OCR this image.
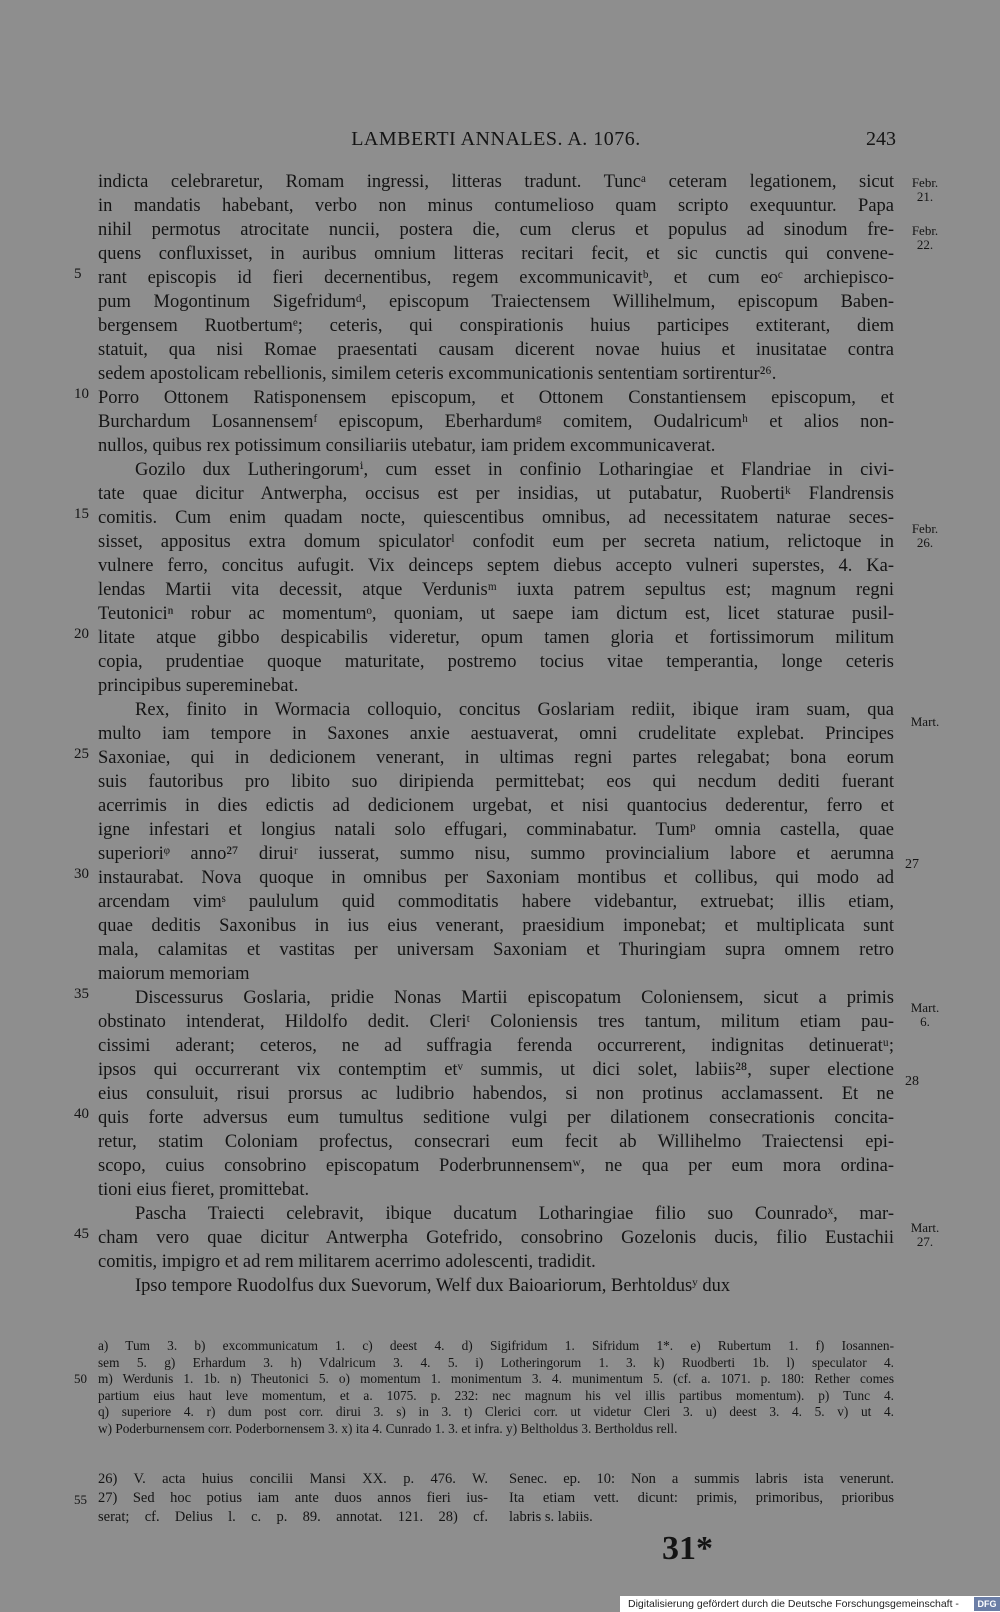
LAMBERTI ANNALES. A. 1076.	243
indicta celebraretur, Romam ingressi, litteras tradunt. Tuncᵃ ceteram legationem, sicut
in mandatis habebant, verbo non minus contumelioso quam scripto exequuntur. Papa
nihil permotus atrocitate nuncii, postera die, cum clerus et populus ad sinodum fre-
quens confluxisset, in auribus omnium litteras recitari fecit, et sic cunctis qui convene-
rant episcopis id fieri decernentibus, regem excommunicavitᵇ, et cum eoᶜ archiepisco-
pum Mogontinum Sigefridumᵈ, episcopum Traiectensem Willihelmum, episcopum Baben-
bergensem Ruotbertumᵉ; ceteris, qui conspirationis huius participes extiterant, diem
statuit, qua nisi Romae praesentati causam dicerent novae huius et inusitatae contra
sedem apostolicam rebellionis, similem ceteris excommunicationis sententiam sortirentur²⁶.
Porro Ottonem Ratisponensem episcopum, et Ottonem Constantiensem episcopum, et
Burchardum Losannensemᶠ episcopum, Eberhardumᵍ comitem, Oudalricumʰ et alios non-
nullos, quibus rex potissimum consiliariis utebatur, iam pridem excommunicaverat.
  Gozilo dux Lutheringorumⁱ, cum esset in confinio Lotharingiae et Flandriae in civi-
tate quae dicitur Antwerpha, occisus est per insidias, ut putabatur, Ruobertiᵏ Flandrensis
comitis. Cum enim quadam nocte, quiescentibus omnibus, ad necessitatem naturae seces-
sisset, appositus extra domum spiculatorˡ confodit eum per secreta natium, relictoque in
vulnere ferro, concitus aufugit. Vix deinceps septem diebus accepto vulneri superstes, 4. Ka-
lendas Martii vita decessit, atque Verdunisᵐ iuxta patrem sepultus est; magnum regni
Teutoniciⁿ robur ac momentumᵒ, quoniam, ut saepe iam dictum est, licet staturae pusil-
litate atque gibbo despicabilis videretur, opum tamen gloria et fortissimorum militum
copia, prudentiae quoque maturitate, postremo tocius vitae temperantia, longe ceteris
principibus supereminebat.
  Rex, finito in Wormacia colloquio, concitus Goslariam rediit, ibique iram suam, qua
multo iam tempore in Saxones anxie aestuaverat, omni crudelitate explebat. Principes
Saxoniae, qui in dedicionem venerant, in ultimas regni partes relegabat; bona eorum
suis fautoribus pro libito suo diripienda permittebat; eos qui necdum dediti fuerant
acerrimis in dies edictis ad dedicionem urgebat, et nisi quantocius dederentur, ferro et
igne infestari et longius natali solo effugari, comminabatur. Tumᵖ omnia castella, quae
superioriᵠ anno²⁷ diruiʳ iusserat, summo nisu, summo provincialium labore et aerumna
instaurabat. Nova quoque in omnibus per Saxoniam montibus et collibus, qui modo ad
arcendam vimˢ paululum quid commoditatis habere videbantur, extruebat; illis etiam,
quae deditis Saxonibus in ius eius venerant, praesidium imponebat; et multiplicata sunt
mala, calamitas et vastitas per universam Saxoniam et Thuringiam supra omnem retro
maiorum memoriam
  Discessurus Goslaria, pridie Nonas Martii episcopatum Coloniensem, sicut a primis
obstinato intenderat, Hildolfo dedit. Cleriᵗ Coloniensis tres tantum, militum etiam pau-
cissimi aderant; ceteros, ne ad suffragia ferenda occurrerent, indignitas detinueratᵘ;
ipsos qui occurrerant vix contemptim etᵛ summis, ut dici solet, labiis²⁸, super electione
eius consuluit, risui prorsus ac ludibrio habendos, si non protinus acclamassent. Et ne
quis forte adversus eum tumultus seditione vulgi per dilationem consecrationis concita-
retur, statim Coloniam profectus, consecrari eum fecit ab Willihelmo Traiectensi epi-
scopo, cuius consobrino episcopatum Poderbrunnensemʷ, ne qua per eum mora ordina-
tioni eius fieret, promittebat.
  Pascha Traiecti celebravit, ibique ducatum Lotharingiae filio suo Counradoˣ, mar-
cham vero quae dicitur Antwerpha Gotefrido, consobrino Gozelonis ducis, filio Eustachii
comitis, impigro et ad rem militarem acerrimo adolescenti, tradidit.
  Ipso tempore Ruodolfus dux Suevorum, Welf dux Baioariorum, Berhtoldusʸ dux
5
10
15
20
25
30
35
40
45
50
55
Febr. 21.
Febr. 22.
Febr. 26.
Mart.
27
Mart. 6.
28
Mart. 27.
a) Tum 3. b) excommunicatum 1. c) deest 4. d) Sigifridum 1. Sifridum 1*. e) Rubertum 1. f) Iosannen-
sem 5. g) Erhardum 3. h) Vdalricum 3. 4. 5. i) Lotheringorum 1. 3. k) Ruodberti 1b. l) speculator 4.
m) Werdunis 1. 1b. n) Theutonici 5. o) momentum 1. monimentum 3. 4. munimentum 5. (cf. a. 1071. p. 180: Rether comes
partium eius haut leve momentum, et a. 1075. p. 232: nec magnum his vel illis partibus momentum). p) Tunc 4.
q) superiore 4. r) dum post corr. dirui 3. s) in 3. t) Clerici corr. ut videtur Cleri 3. u) deest 3. 4. 5. v) ut 4.
w) Poderburnensem corr. Poderbornensem 3. x) ita 4. Cunrado 1. 3. et infra. y) Beltholdus 3. Bertholdus rell.
26) V. acta huius concilii Mansi XX. p. 476. W.
27) Sed hoc potius iam ante duos annos fieri ius-
serat; cf. Delius l. c. p. 89. annotat. 121. 28) cf.
Senec. ep. 10: Non a summis labris ista venerunt.
Ita etiam vett. dicunt: primis, primoribus, prioribus
labris s. labiis.
31*
Digitalisierung gefördert durch die Deutsche Forschungsgemeinschaft -	DFG
